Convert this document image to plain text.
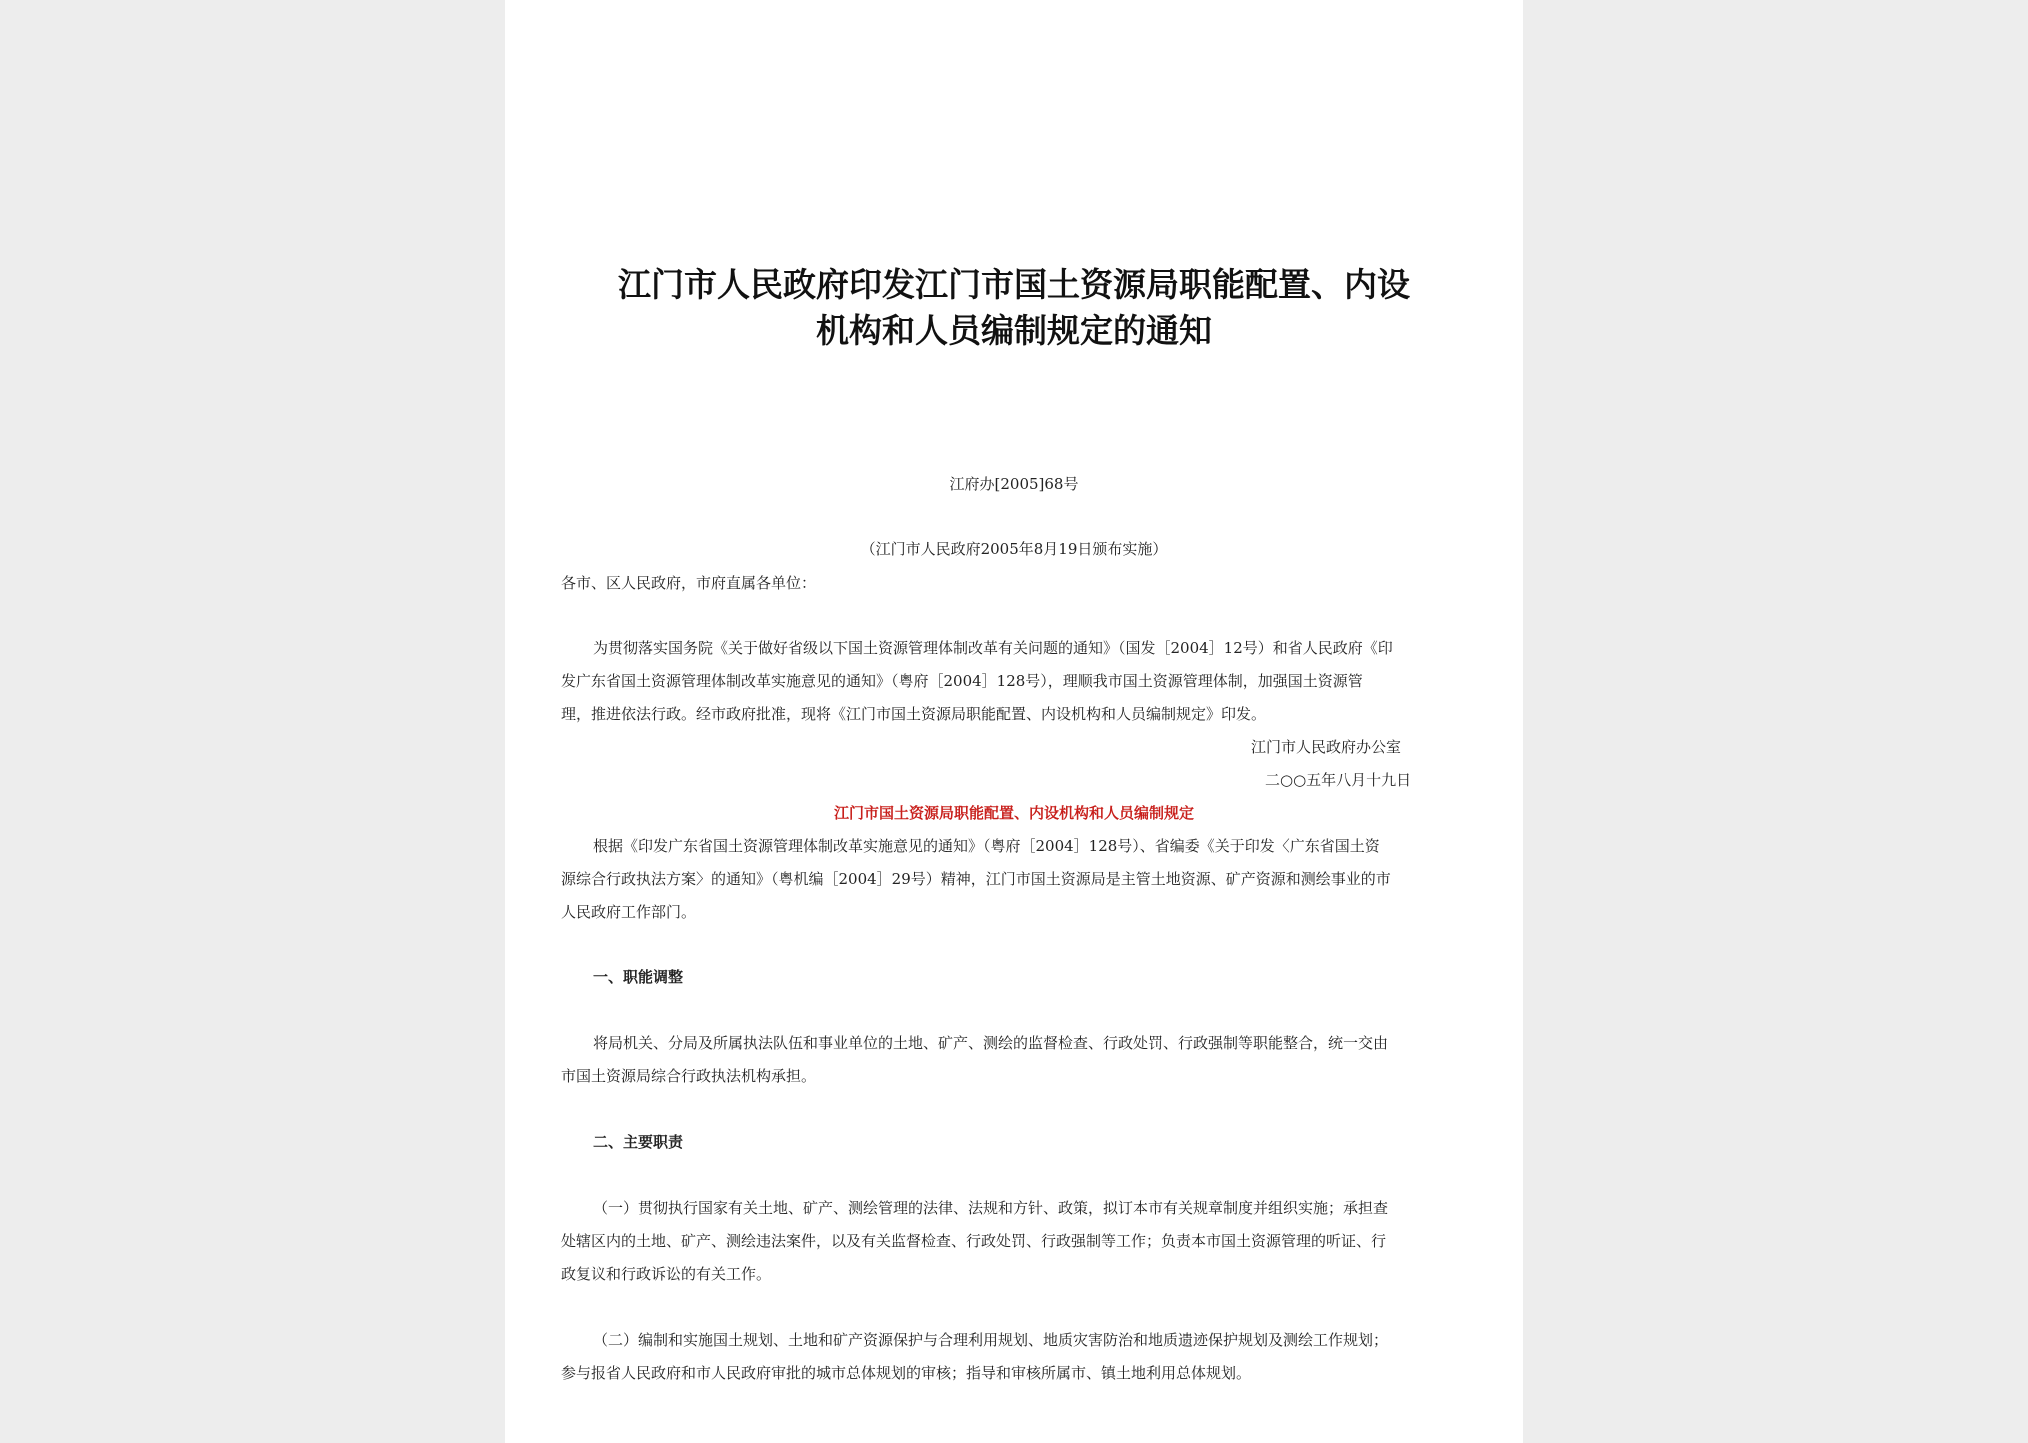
江门市人民政府印发江门市国土资源局职能配置、内设
机构和人员编制规定的通知
江府办[2005]68号
（江门市人民政府2005年8月19日颁布实施）
各市、区人民政府，市府直属各单位：
为贯彻落实国务院《关于做好省级以下国土资源管理体制改革有关问题的通知》（国发［2004］12号）和省人民政府《印
发广东省国土资源管理体制改革实施意见的通知》（粤府［2004］128号），理顺我市国土资源管理体制，加强国土资源管
理，推进依法行政。经市政府批准，现将《江门市国土资源局职能配置、内设机构和人员编制规定》印发。
江门市人民政府办公室
二○○五年八月十九日
江门市国土资源局职能配置、内设机构和人员编制规定
根据《印发广东省国土资源管理体制改革实施意见的通知》（粤府［2004］128号）、省编委《关于印发〈广东省国土资
源综合行政执法方案〉的通知》（粤机编［2004］29号）精神，江门市国土资源局是主管土地资源、矿产资源和测绘事业的市
人民政府工作部门。
一、职能调整
将局机关、分局及所属执法队伍和事业单位的土地、矿产、测绘的监督检查、行政处罚、行政强制等职能整合，统一交由
市国土资源局综合行政执法机构承担。
二、主要职责
（一）贯彻执行国家有关土地、矿产、测绘管理的法律、法规和方针、政策，拟订本市有关规章制度并组织实施；承担查
处辖区内的土地、矿产、测绘违法案件，以及有关监督检查、行政处罚、行政强制等工作；负责本市国土资源管理的听证、行
政复议和行政诉讼的有关工作。
（二）编制和实施国土规划、土地和矿产资源保护与合理利用规划、地质灾害防治和地质遗迹保护规划及测绘工作规划；
参与报省人民政府和市人民政府审批的城市总体规划的审核；指导和审核所属市、镇土地利用总体规划。
